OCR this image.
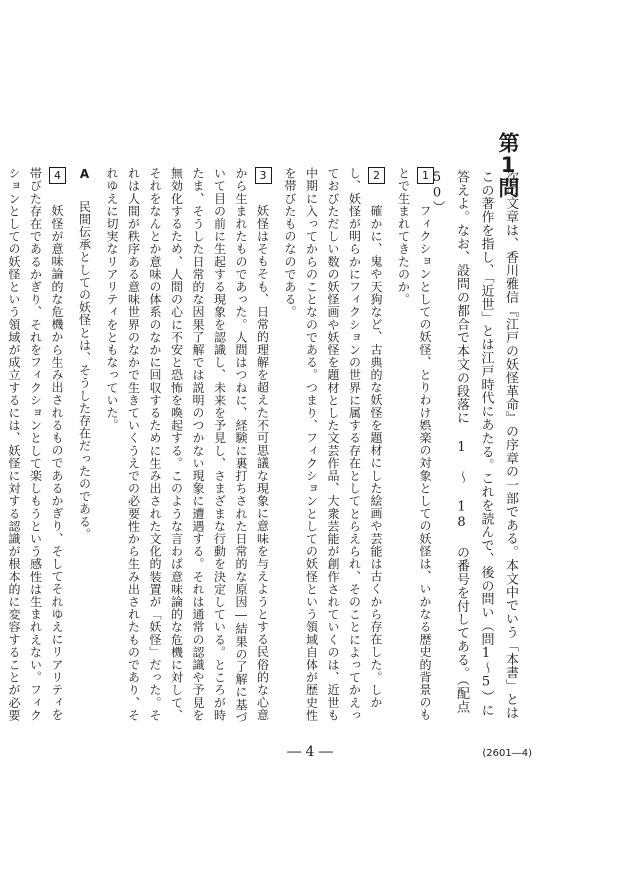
第1問
次の文章は、香川雅信『江戸の妖怪革命』の序章の一部である。本文中でいう「本書」とはこの著作を指し、「近世」とは江戸時代にあたる。これを読んで、後の問い（問1〜5）に答えよ。なお、設問の都合で本文の段落に 1 〜 18 の番号を付してある。（配点　50）

1 フィクションとしての妖怪、とりわけ娯楽の対象としての妖怪は、いかなる歴史的背景のもとで生まれてきたのか。

2 確かに、鬼や天狗など、古典的な妖怪を題材にした絵画や芸能は古くから存在した。しかし、妖怪が明らかにフィクションの世界に属する存在としてとらえられ、そのことによってかえっておびただしい数の妖怪画や妖怪を題材とした文芸作品、大衆芸能が創作されていくのは、近世も中期に入ってからのことなのである。つまり、フィクションとしての妖怪という領域自体が歴史性を帯びたものなのである。

3 妖怪はそもそも、日常的理解を超えた不可思議な現象に意味を与えようとする民俗的な心意から生まれたものであった。人間はつねに、経験に裏打ちされた日常的な原因―結果の了解に基づいて目の前に生起する現象を認識し、未来を予見し、さまざまな行動を決定している。ところが時たま、そうした日常的な因果了解では説明のつかない現象に遭遇する。それは通常の認識や予見を無効化するため、人間の心に不安と恐怖を喚起する。このような言わば意味論的な危機に対して、それをなんとか意味の体系のなかに回収するために生み出された文化的装置が「妖怪」だった。それは人間が秩序ある意味世界のなかで生きていくうえでの必要性から生み出されたものであり、それゆえに切実なリアリティをともなっていた。

A 民間伝承としての妖怪とは、そうした存在だったのである。

4 妖怪が意味論的な危機から生み出されるものであるかぎり、そしてそれゆえにリアリティを帯びた存在であるかぎり、それをフィクションとして楽しもうという感性は生まれえない。フィクションとしての妖怪という領域が成立するには、妖怪に対する認識が根本的に変容することが必要

― 4 ―	(2601―4)
